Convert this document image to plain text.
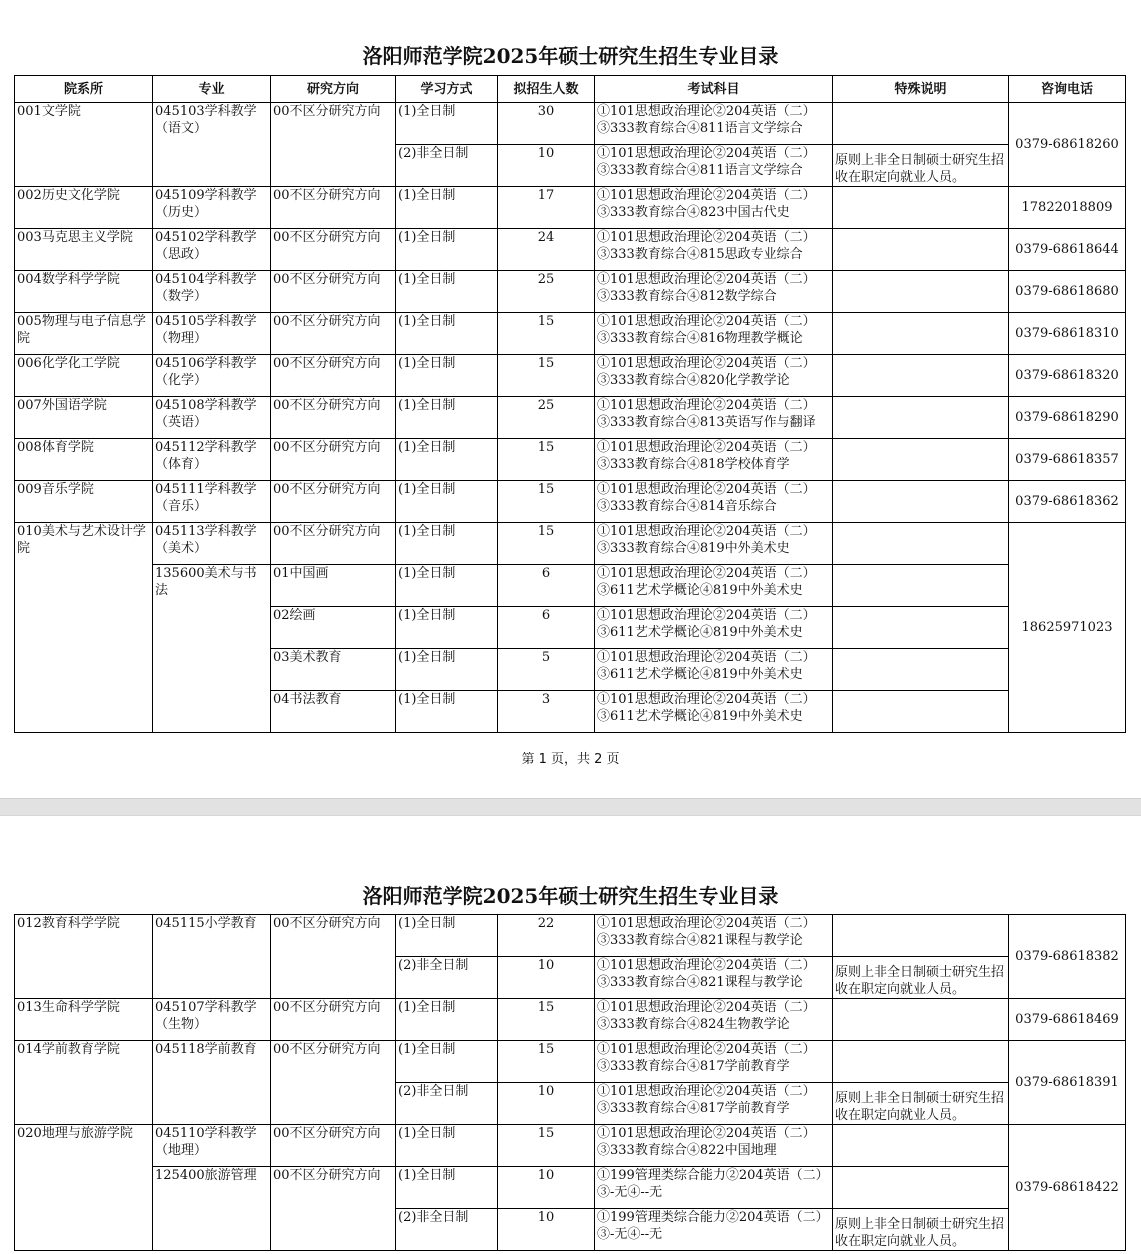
洛阳师范学院2025年硕士研究生招生专业目录
院系所	专业	研究方向	学习方式	拟招生人数	考试科目	特殊说明	咨询电话
001文学院	045103学科教学（语文）	00不区分研究方向	(1)全日制	30	①101思想政治理论②204英语（二）③333教育综合④811语言文学综合		0379-68618260
			(2)非全日制	10	①101思想政治理论②204英语（二）③333教育综合④811语言文学综合	原则上非全日制硕士研究生招收在职定向就业人员。	
002历史文化学院	045109学科教学（历史）	00不区分研究方向	(1)全日制	17	①101思想政治理论②204英语（二）③333教育综合④823中国古代史		17822018809
003马克思主义学院	045102学科教学（思政）	00不区分研究方向	(1)全日制	24	①101思想政治理论②204英语（二）③333教育综合④815思政专业综合		0379-68618644
004数学科学学院	045104学科教学（数学）	00不区分研究方向	(1)全日制	25	①101思想政治理论②204英语（二）③333教育综合④812数学综合		0379-68618680
005物理与电子信息学院	045105学科教学（物理）	00不区分研究方向	(1)全日制	15	①101思想政治理论②204英语（二）③333教育综合④816物理教学概论		0379-68618310
006化学化工学院	045106学科教学（化学）	00不区分研究方向	(1)全日制	15	①101思想政治理论②204英语（二）③333教育综合④820化学教学论		0379-68618320
007外国语学院	045108学科教学（英语）	00不区分研究方向	(1)全日制	25	①101思想政治理论②204英语（二）③333教育综合④813英语写作与翻译		0379-68618290
008体育学院	045112学科教学（体育）	00不区分研究方向	(1)全日制	15	①101思想政治理论②204英语（二）③333教育综合④818学校体育学		0379-68618357
009音乐学院	045111学科教学（音乐）	00不区分研究方向	(1)全日制	15	①101思想政治理论②204英语（二）③333教育综合④814音乐综合		0379-68618362
010美术与艺术设计学院	045113学科教学（美术）	00不区分研究方向	(1)全日制	15	①101思想政治理论②204英语（二）③333教育综合④819中外美术史		18625971023
	135600美术与书法	01中国画	(1)全日制	6	①101思想政治理论②204英语（二）③611艺术学概论④819中外美术史		
		02绘画	(1)全日制	6	①101思想政治理论②204英语（二）③611艺术学概论④819中外美术史		
		03美术教育	(1)全日制	5	①101思想政治理论②204英语（二）③611艺术学概论④819中外美术史		
		04书法教育	(1)全日制	3	①101思想政治理论②204英语（二）③611艺术学概论④819中外美术史		
第 1 页，共 2 页
洛阳师范学院2025年硕士研究生招生专业目录
012教育科学学院	045115小学教育	00不区分研究方向	(1)全日制	22	①101思想政治理论②204英语（二）③333教育综合④821课程与教学论		0379-68618382
			(2)非全日制	10	①101思想政治理论②204英语（二）③333教育综合④821课程与教学论	原则上非全日制硕士研究生招收在职定向就业人员。	
013生命科学学院	045107学科教学（生物）	00不区分研究方向	(1)全日制	15	①101思想政治理论②204英语（二）③333教育综合④824生物教学论		0379-68618469
014学前教育学院	045118学前教育	00不区分研究方向	(1)全日制	15	①101思想政治理论②204英语（二）③333教育综合④817学前教育学		0379-68618391
			(2)非全日制	10	①101思想政治理论②204英语（二）③333教育综合④817学前教育学	原则上非全日制硕士研究生招收在职定向就业人员。	
020地理与旅游学院	045110学科教学（地理）	00不区分研究方向	(1)全日制	15	①101思想政治理论②204英语（二）③333教育综合④822中国地理		0379-68618422
	125400旅游管理	00不区分研究方向	(1)全日制	10	①199管理类综合能力②204英语（二）③-无④--无		
			(2)非全日制	10	①199管理类综合能力②204英语（二）③-无④--无	原则上非全日制硕士研究生招收在职定向就业人员。	
